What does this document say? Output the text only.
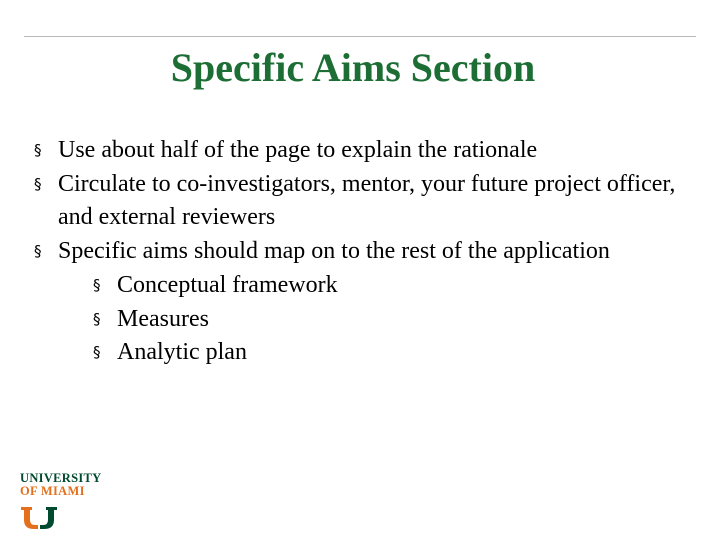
Specific Aims Section
§ Use about half of the page to explain the rationale
§ Circulate to co-investigators, mentor, your future project officer, and external reviewers
§ Specific aims should map on to the rest of the application
§ Conceptual framework
§ Measures
§ Analytic plan
UNIVERSITY
OF MIAMI
